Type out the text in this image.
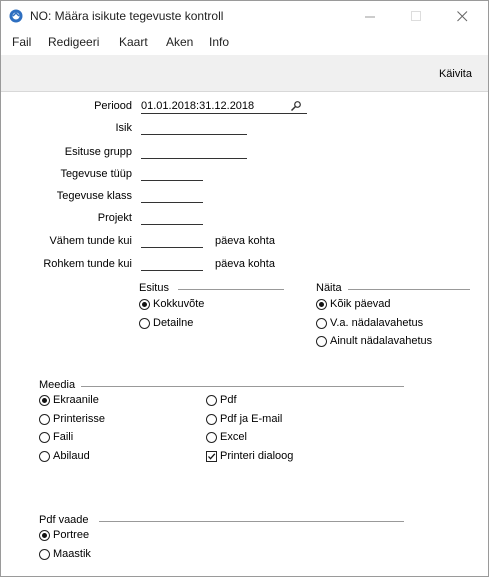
NO: Määra isikute tegevuste kontroll
Fail Redigeeri Kaart Aken Info
Käivita
Periood 01.01.2018:31.12.2018
Isik
Esituse grupp
Tegevuse tüüp
Tegevuse klass
Projekt
Vähem tunde kui	päeva kohta
Rohkem tunde kui	päeva kohta
Esitus
Kokkuvõte
Detailne
Näita
Kõik päevad
V.a. nädalavahetus
Ainult nädalavahetus
Meedia
Ekraanile
Printerisse
Faili
Abilaud
Pdf
Pdf ja E-mail
Excel
Printeri dialoog
Pdf vaade
Portree
Maastik
